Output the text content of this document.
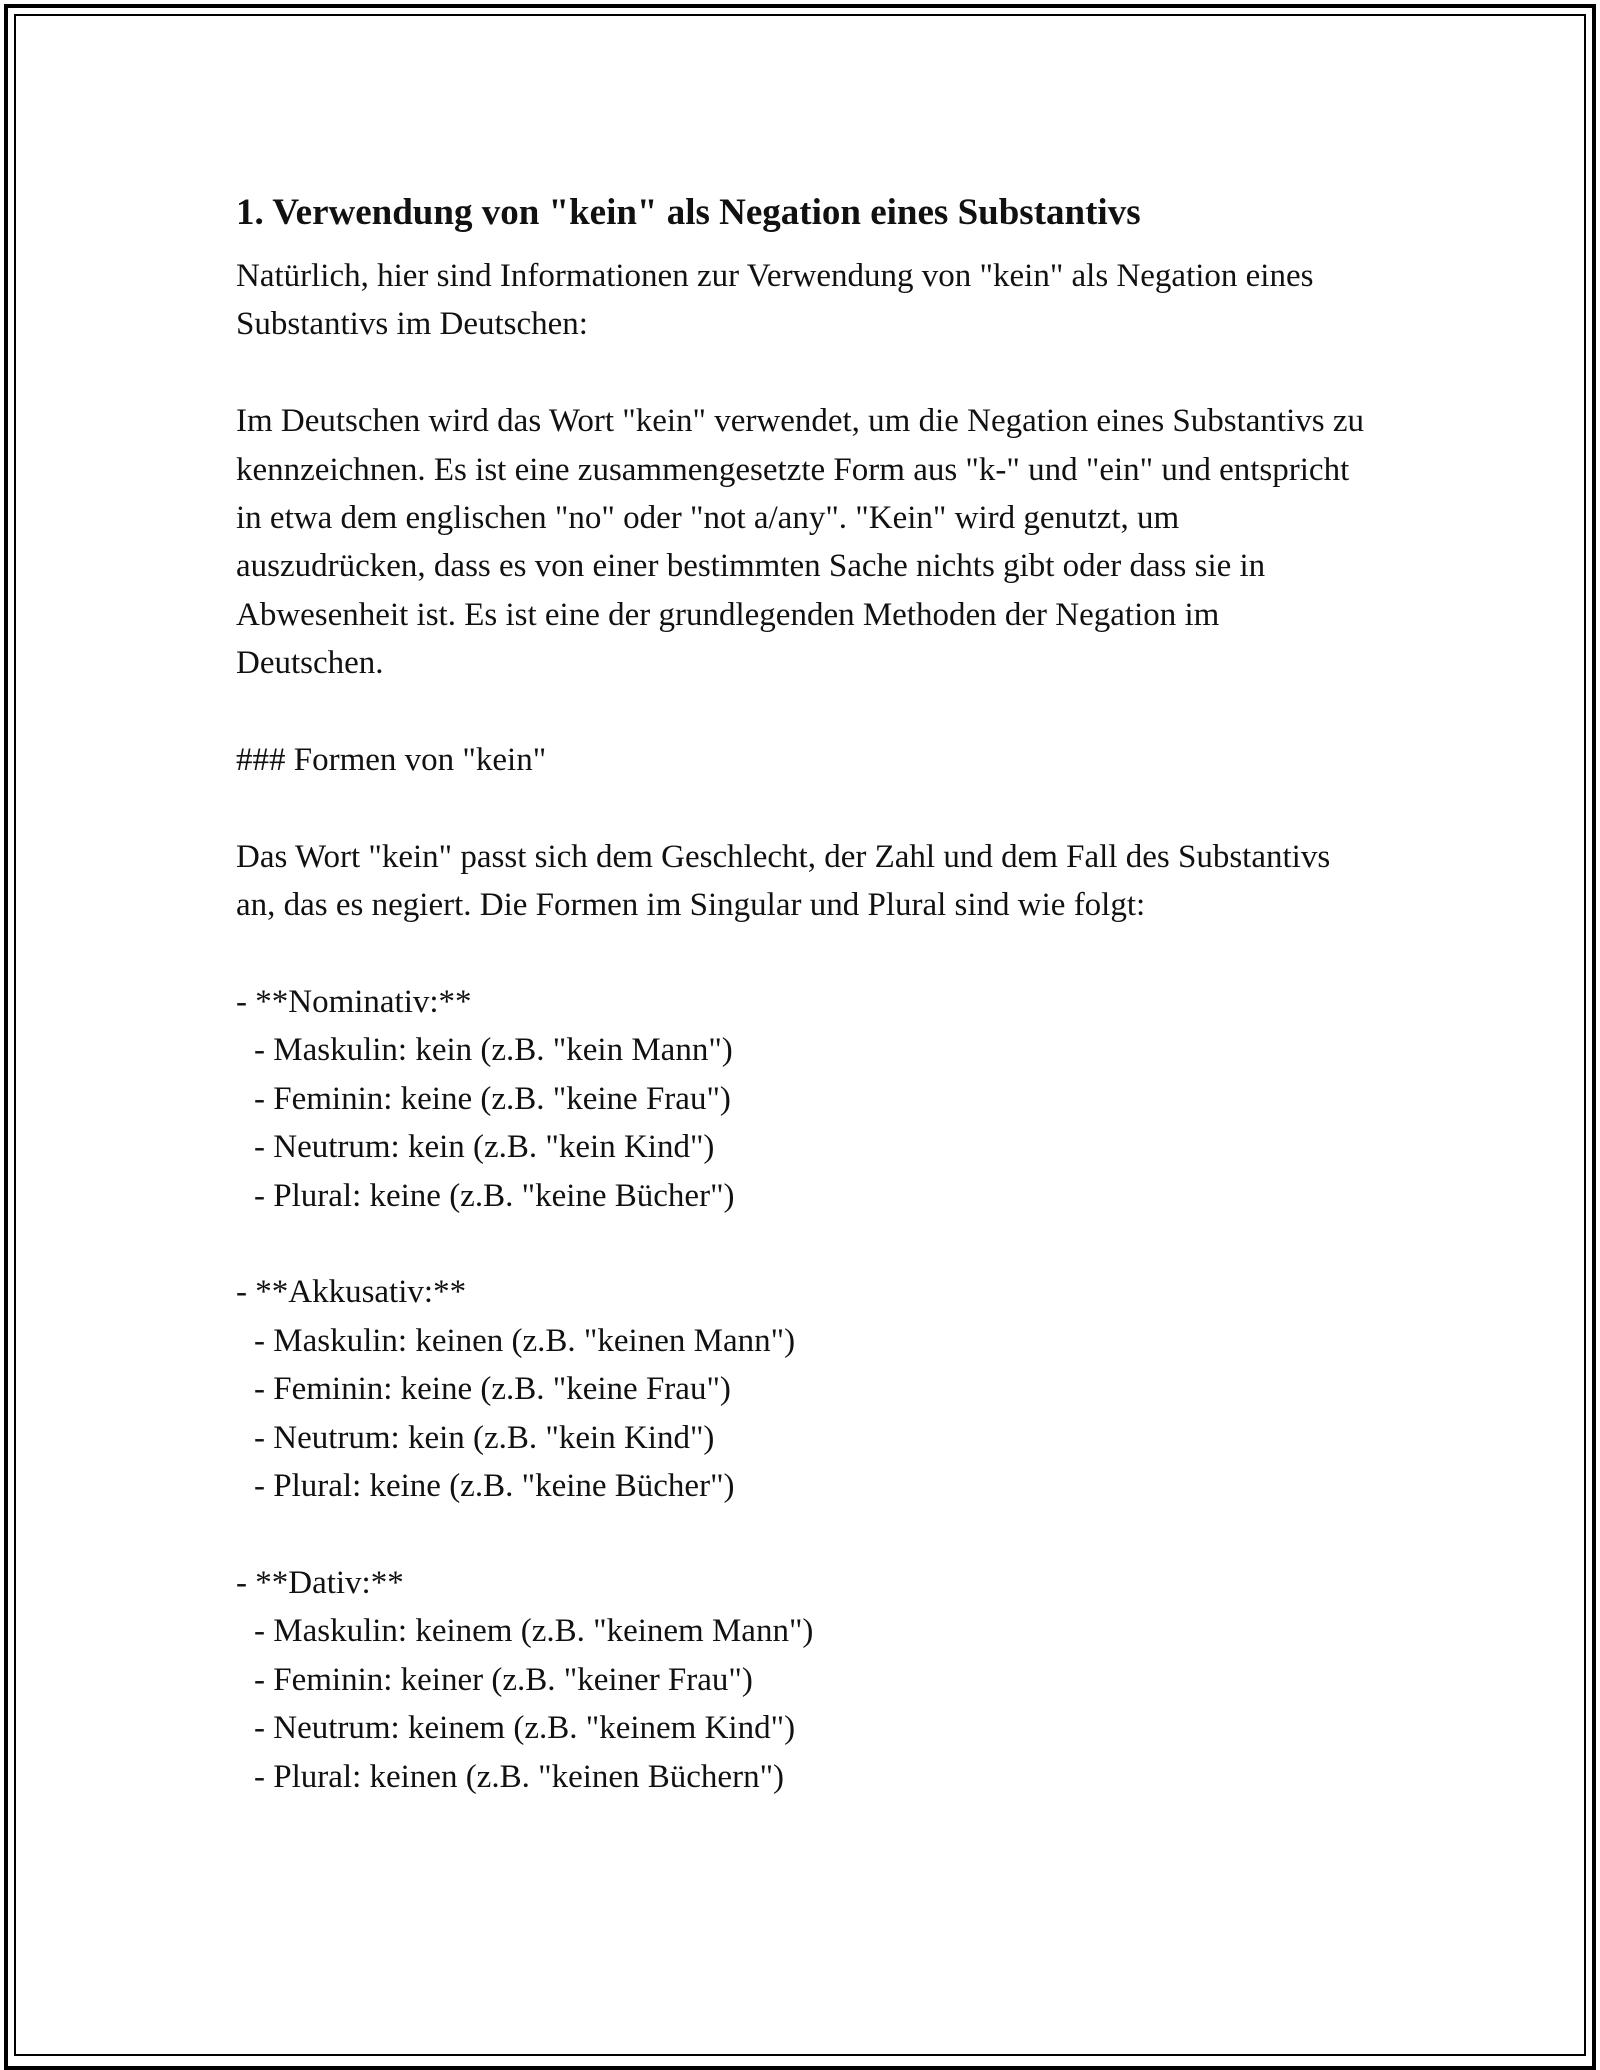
1. Verwendung von "kein" als Negation eines Substantivs

Natürlich, hier sind Informationen zur Verwendung von "kein" als Negation eines Substantivs im Deutschen:

Im Deutschen wird das Wort "kein" verwendet, um die Negation eines Substantivs zu kennzeichnen. Es ist eine zusammengesetzte Form aus "k-" und "ein" und entspricht in etwa dem englischen "no" oder "not a/any". "Kein" wird genutzt, um auszudrücken, dass es von einer bestimmten Sache nichts gibt oder dass sie in Abwesenheit ist. Es ist eine der grundlegenden Methoden der Negation im Deutschen.

### Formen von "kein"

Das Wort "kein" passt sich dem Geschlecht, der Zahl und dem Fall des Substantivs an, das es negiert. Die Formen im Singular und Plural sind wie folgt:

- **Nominativ:**

- Maskulin: kein (z.B. "kein Mann")

- Feminin: keine (z.B. "keine Frau")

- Neutrum: kein (z.B. "kein Kind")

- Plural: keine (z.B. "keine Bücher")

- **Akkusativ:**

- Maskulin: keinen (z.B. "keinen Mann")

- Feminin: keine (z.B. "keine Frau")

- Neutrum: kein (z.B. "kein Kind")

- Plural: keine (z.B. "keine Bücher")

- **Dativ:**

- Maskulin: keinem (z.B. "keinem Mann")

- Feminin: keiner (z.B. "keiner Frau")

- Neutrum: keinem (z.B. "keinem Kind")

- Plural: keinen (z.B. "keinen Büchern")
